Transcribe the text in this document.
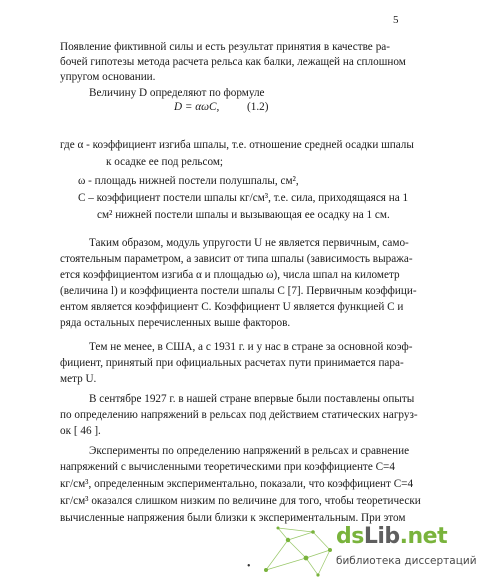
5
Появление фиктивной силы и есть результат принятия в качестве ра-
бочей гипотезы метода расчета рельса как балки, лежащей на сплошном
упругом основании.
Величину D определяют по формуле
где α - коэффициент изгиба шпалы, т.е. отношение средней осадки шпалы
к осадке ее под рельсом;
ω - площадь нижней постели полушпалы, см²,
C – коэффициент постели шпалы кг/см³, т.е. сила, приходящаяся на 1
см² нижней постели шпалы и вызывающая ее осадку на 1 см.
Таким образом, модуль упругости U не является первичным, само-
стоятельным параметром, а зависит от типа шпалы (зависимость выража-
ется коэффициентом изгиба α и площадью ω), числа шпал на километр
(величина l) и коэффициента постели шпалы C [7]. Первичным коэффици-
ентом является коэффициент C. Коэффициент U является функцией C и
ряда остальных перечисленных выше факторов.
Тем не менее, в США, а с 1931 г. и у нас в стране за основной коэф-
фициент, принятый при официальных расчетах пути принимается пара-
метр U.
В сентябре 1927 г. в нашей стране впервые были поставлены опыты
по определению напряжений в рельсах под действием статических нагруз-
ок [ 46 ].
Эксперименты по определению напряжений в рельсах и сравнение
напряжений с вычисленными теоретическими при коэффициенте C=4
кг/см³, определенным экспериментально, показали, что коэффициент C=4
кг/см³ оказался слишком низким по величине для того, чтобы теоретически
вычисленные напряжения были близки к экспериментальным. При этом
D = αωC, (1.2)
•
dsLib.net
библиотека диссертаций
